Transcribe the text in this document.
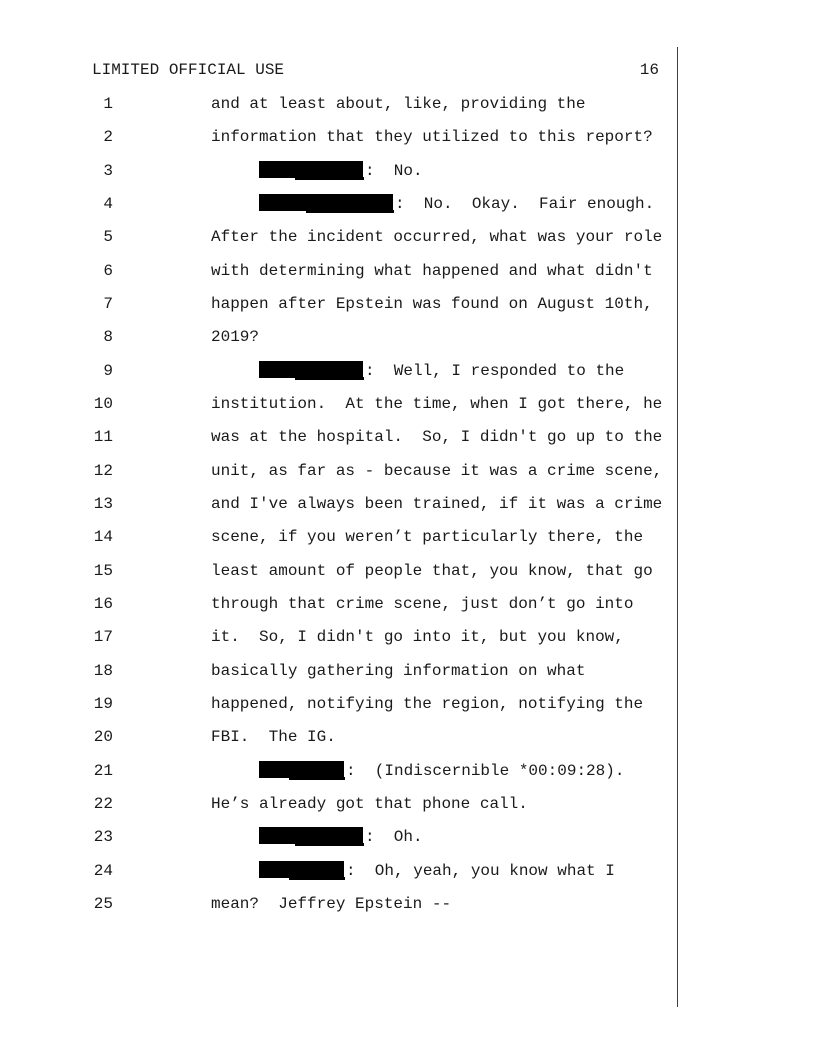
LIMITED OFFICIAL USE	16
1	and at least about, like, providing the
2	information that they utilized to this report?
3	:  No.
4	:  No.  Okay.  Fair enough.
5	After the incident occurred, what was your role
6	with determining what happened and what didn't
7	happen after Epstein was found on August 10th,
8	2019?
9	:  Well, I responded to the
10	institution.  At the time, when I got there, he
11	was at the hospital.  So, I didn't go up to the
12	unit, as far as - because it was a crime scene,
13	and I've always been trained, if it was a crime
14	scene, if you weren’t particularly there, the
15	least amount of people that, you know, that go
16	through that crime scene, just don’t go into
17	it.  So, I didn't go into it, but you know,
18	basically gathering information on what
19	happened, notifying the region, notifying the
20	FBI.  The IG.
21	:  (Indiscernible *00:09:28).
22	He’s already got that phone call.
23	:  Oh.
24	:  Oh, yeah, you know what I
25	mean?  Jeffrey Epstein --
